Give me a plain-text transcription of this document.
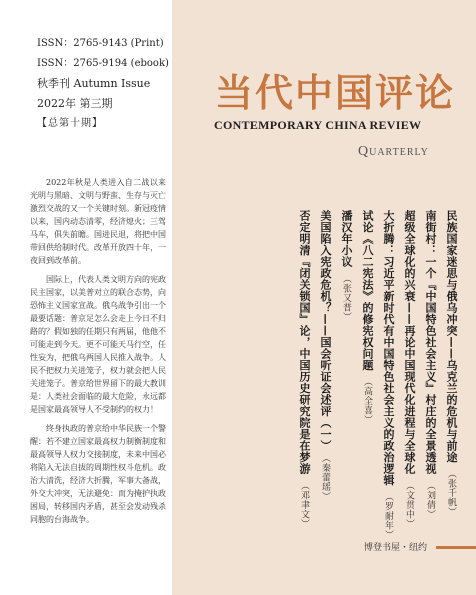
ISSN：2765-9143 (Print)
ISSN：2765-9194 (ebook)
秋季刊 Autumn Issue
2022年 第三期
【总第十期】

2022年秋是人类进入自二战以来光明与黑暗、文明与野蛮、生存与灭亡激烈交战的又一个关键时刻。新冠疫情以来，国内动态清零，经济熄火；三驾马车，俱失前瞻。国进民退，将把中国带回供给制时代。改革开放四十年，一夜回到改革前。

国际上，代表人类文明方向的宪政民主国家，以美普对立的联合态势，向恐怖主义国家宣战。俄乌战争引出一个最要话题：普京足怎么会走上今日不归路的？假如独的任期只有两届，他他不可能走到今天。更不可能天马行空，任性妄为，把俄乌两国人民推入战争。人民不把权力关进笼子，权力就会把人民关进笼子。普京给世界留下的最大教训是：人类社会面临的最大危险，永远都是国家最高领导人不受制约的权力！

终身执政的普京给中华民族一个警醒：若不建立国家最高权力制衡制度和最高领导人权力交接制度，未来中国必将陷入无法自拔的周期性权斗危机。政治大清洗，经济大折腾，军事大备战，外交大冲突，无法避免：而为掩护执政困局，转移国内矛盾，甚至会发动残杀同胞的台海战争。

当代中国评论
CONTEMPORARY CHINA REVIEW
Quarterly
民族国家迷思与俄乌冲突——乌克兰的危机与前途（张千帆）
南街村：一个『中国特色社会主义』村庄的全景透视（刘倩）
超级全球化的兴衰——再论中国现代化进程与全球化（文贯中）
大折腾：习近平新时代有中国特色社会主义的政治逻辑（罗耐年）
试论《八二宪法》的修宪权问题（高全喜）
潘汉年小议（张又普）
美国陷入宪政危机？——国会听证会述评（一）（秦蕾瑶）
否定明清『闭关锁国』论，中国历史研究院是在梦游（邓聿文）
博登书屋・纽约
